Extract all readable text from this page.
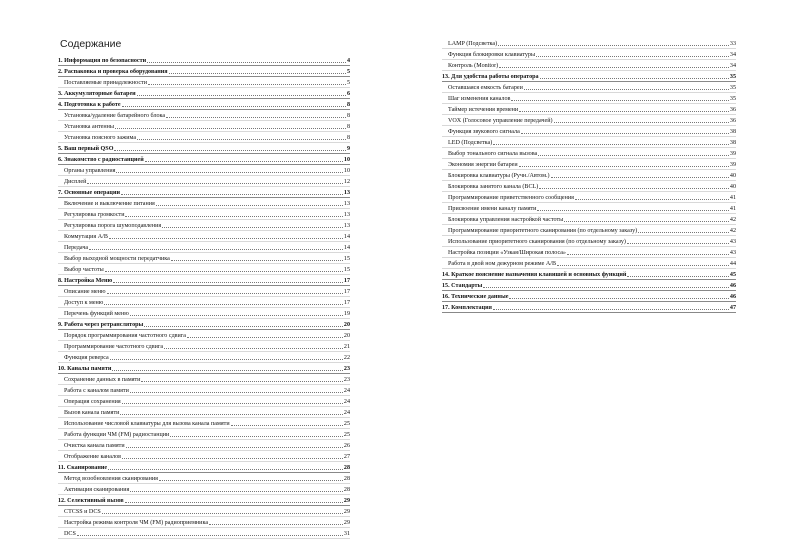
Содержание
1. Информация по безопасности	4
2. Распаковка и проверка оборудования	5
Поставляемые принадлежности	5
3. Аккумуляторные батареи	6
4. Подготовка к работе	8
Установка/удаление батарейного блока	8
Установка антенны	8
Установка поясного зажима	8
5. Ваш первый QSO	9
6. Знакомство с радиостанцией	10
Органы управления	10
Дисплей	12
7. Основные операции	13
Включение и выключение питания	13
Регулировка громкости	13
Регулировка порога шумоподавления	13
Коммутация А/В	14
Передача	14
Выбор выходной мощности передатчика	15
Выбор частоты	15
8. Настройка Меню	17
Описание меню	17
Доступ к меню	17
Перечень функций меню	19
9. Работа через ретрансляторы	20
Порядок программирования частотного сдвига	20
Программирование частотного сдвига	21
Функция реверса	22
10. Каналы памяти	23
Сохранение данных в памяти	23
Работа с каналом памяти	24
Операция сохранения	24
Вызов канала памяти	24
Использование числовой клавиатуры для вызова канала памяти	25
Работа функции ЧМ (FM) радиостанции	25
Очистка канала памяти	26
Отображение каналов	27
11. Сканирование	28
Метод возобновления сканирования	28
Активация сканирования	28
12. Селективный вызов	29
CTCSS и DCS	29
Настройка режима контроля ЧМ (FM) радиоприемника	29
DCS	31
LAMP (Подсветка)	33
Функция блокировки клавиатуры	34
Контроль (Monitor)	34
13. Для удобства работы оператора	35
Оставшаяся емкость батареи	35
Шаг изменения каналов	35
Таймер истечения времени	36
VOX (Голосовое управление передачей)	36
Функция звукового сигнала	38
LED (Подсветка)	38
Выбор тонального сигнала вызова	39
Экономия энергии батареи	39
Блокировка клавиатуры (Ручн./Автом.)	40
Блокировка занятого канала (BCL)	40
Программирование приветственного сообщения	41
Присвоение имени каналу памяти	41
Блокировка управления настройкой частоты	42
Программирование приоритетного сканирования (по отдельному заказу)	42
Использование приоритетного сканирования (по отдельному заказу)	43
Настройка позиции «Узкая/Широкая полоса»	43
Работа в двой ном дежурном режиме А/В	44
14. Краткое пояснение назначения клавишей и основных функций	45
15. Стандарты	46
16. Технические данные	46
17. Комплектация	47
